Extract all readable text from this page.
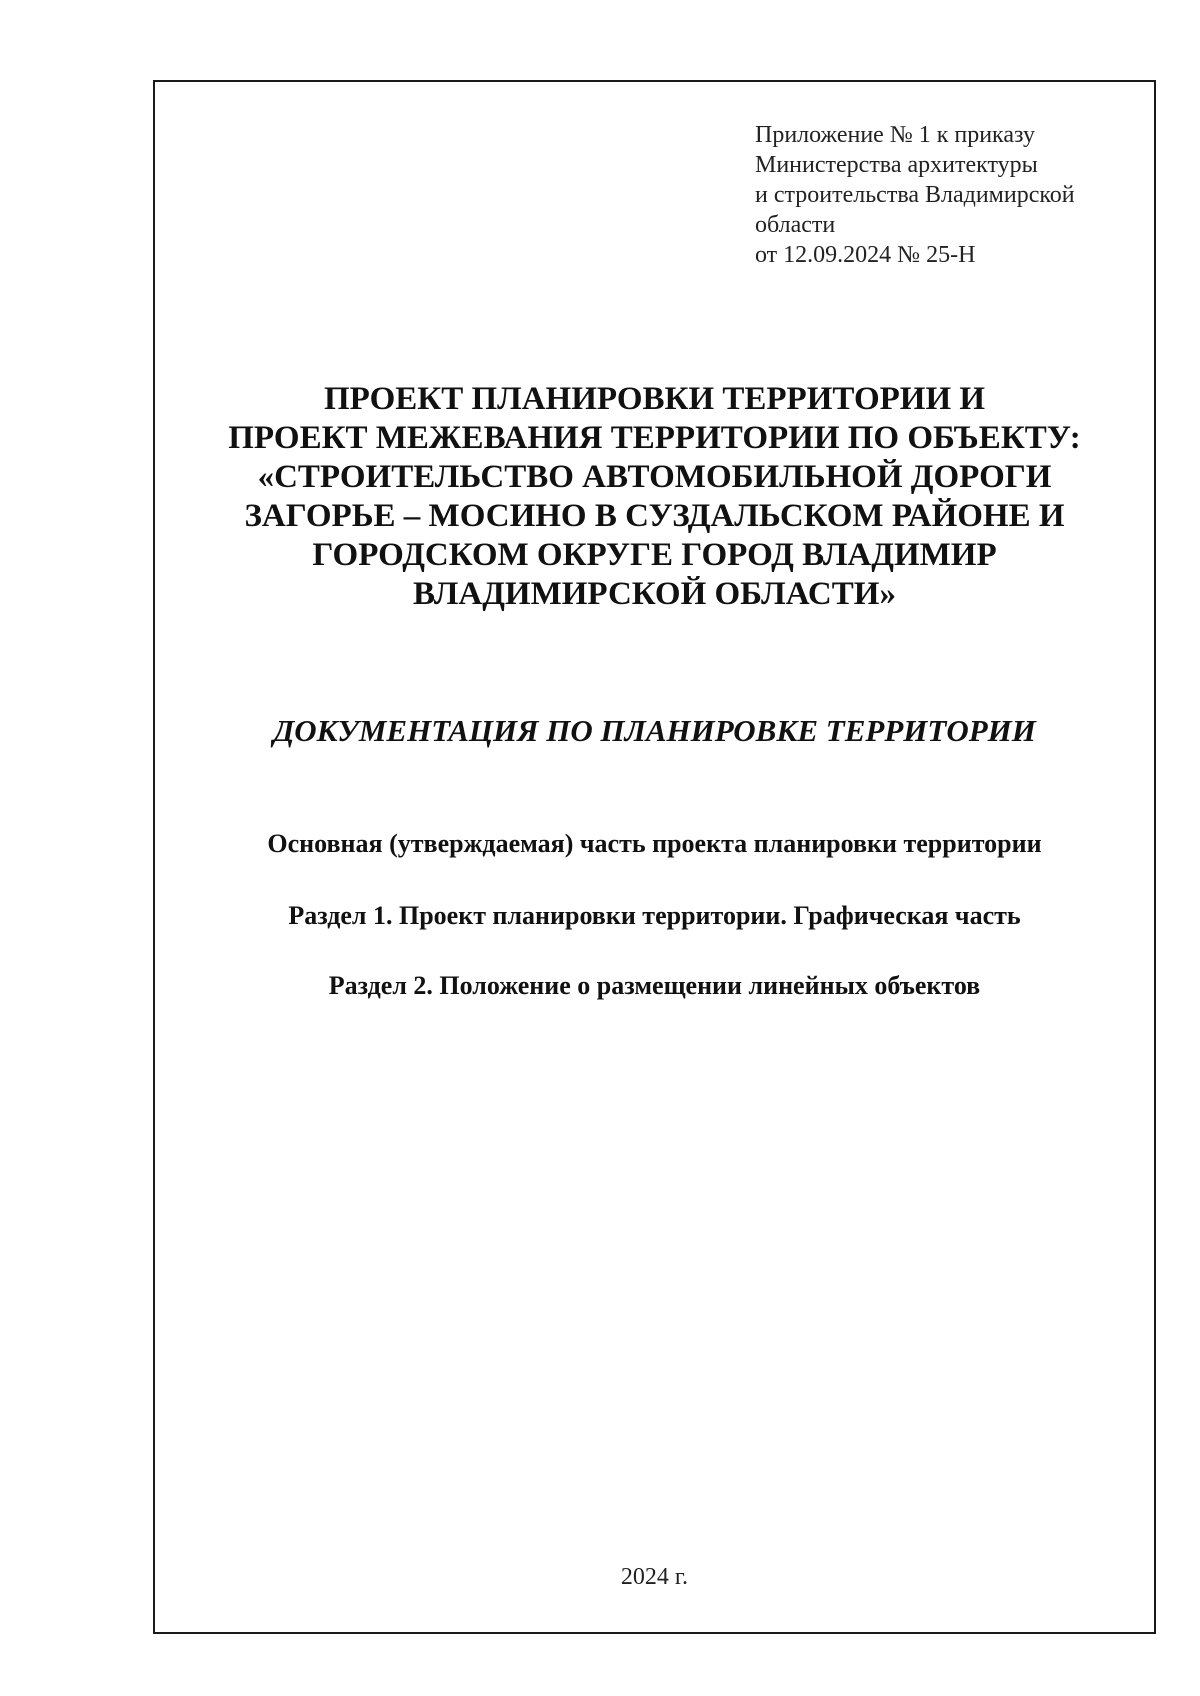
Приложение № 1 к приказу
Министерства архитектуры
и строительства Владимирской
области
от 12.09.2024 № 25-Н
ПРОЕКТ ПЛАНИРОВКИ ТЕРРИТОРИИ И
ПРОЕКТ МЕЖЕВАНИЯ ТЕРРИТОРИИ ПО ОБЪЕКТУ:
«СТРОИТЕЛЬСТВО АВТОМОБИЛЬНОЙ ДОРОГИ
ЗАГОРЬЕ – МОСИНО В СУЗДАЛЬСКОМ РАЙОНЕ И
ГОРОДСКОМ ОКРУГЕ ГОРОД ВЛАДИМИР
ВЛАДИМИРСКОЙ ОБЛАСТИ»
ДОКУМЕНТАЦИЯ ПО ПЛАНИРОВКЕ ТЕРРИТОРИИ
Основная (утверждаемая) часть проекта планировки территории
Раздел 1. Проект планировки территории. Графическая часть
Раздел 2. Положение о размещении линейных объектов
2024 г.
